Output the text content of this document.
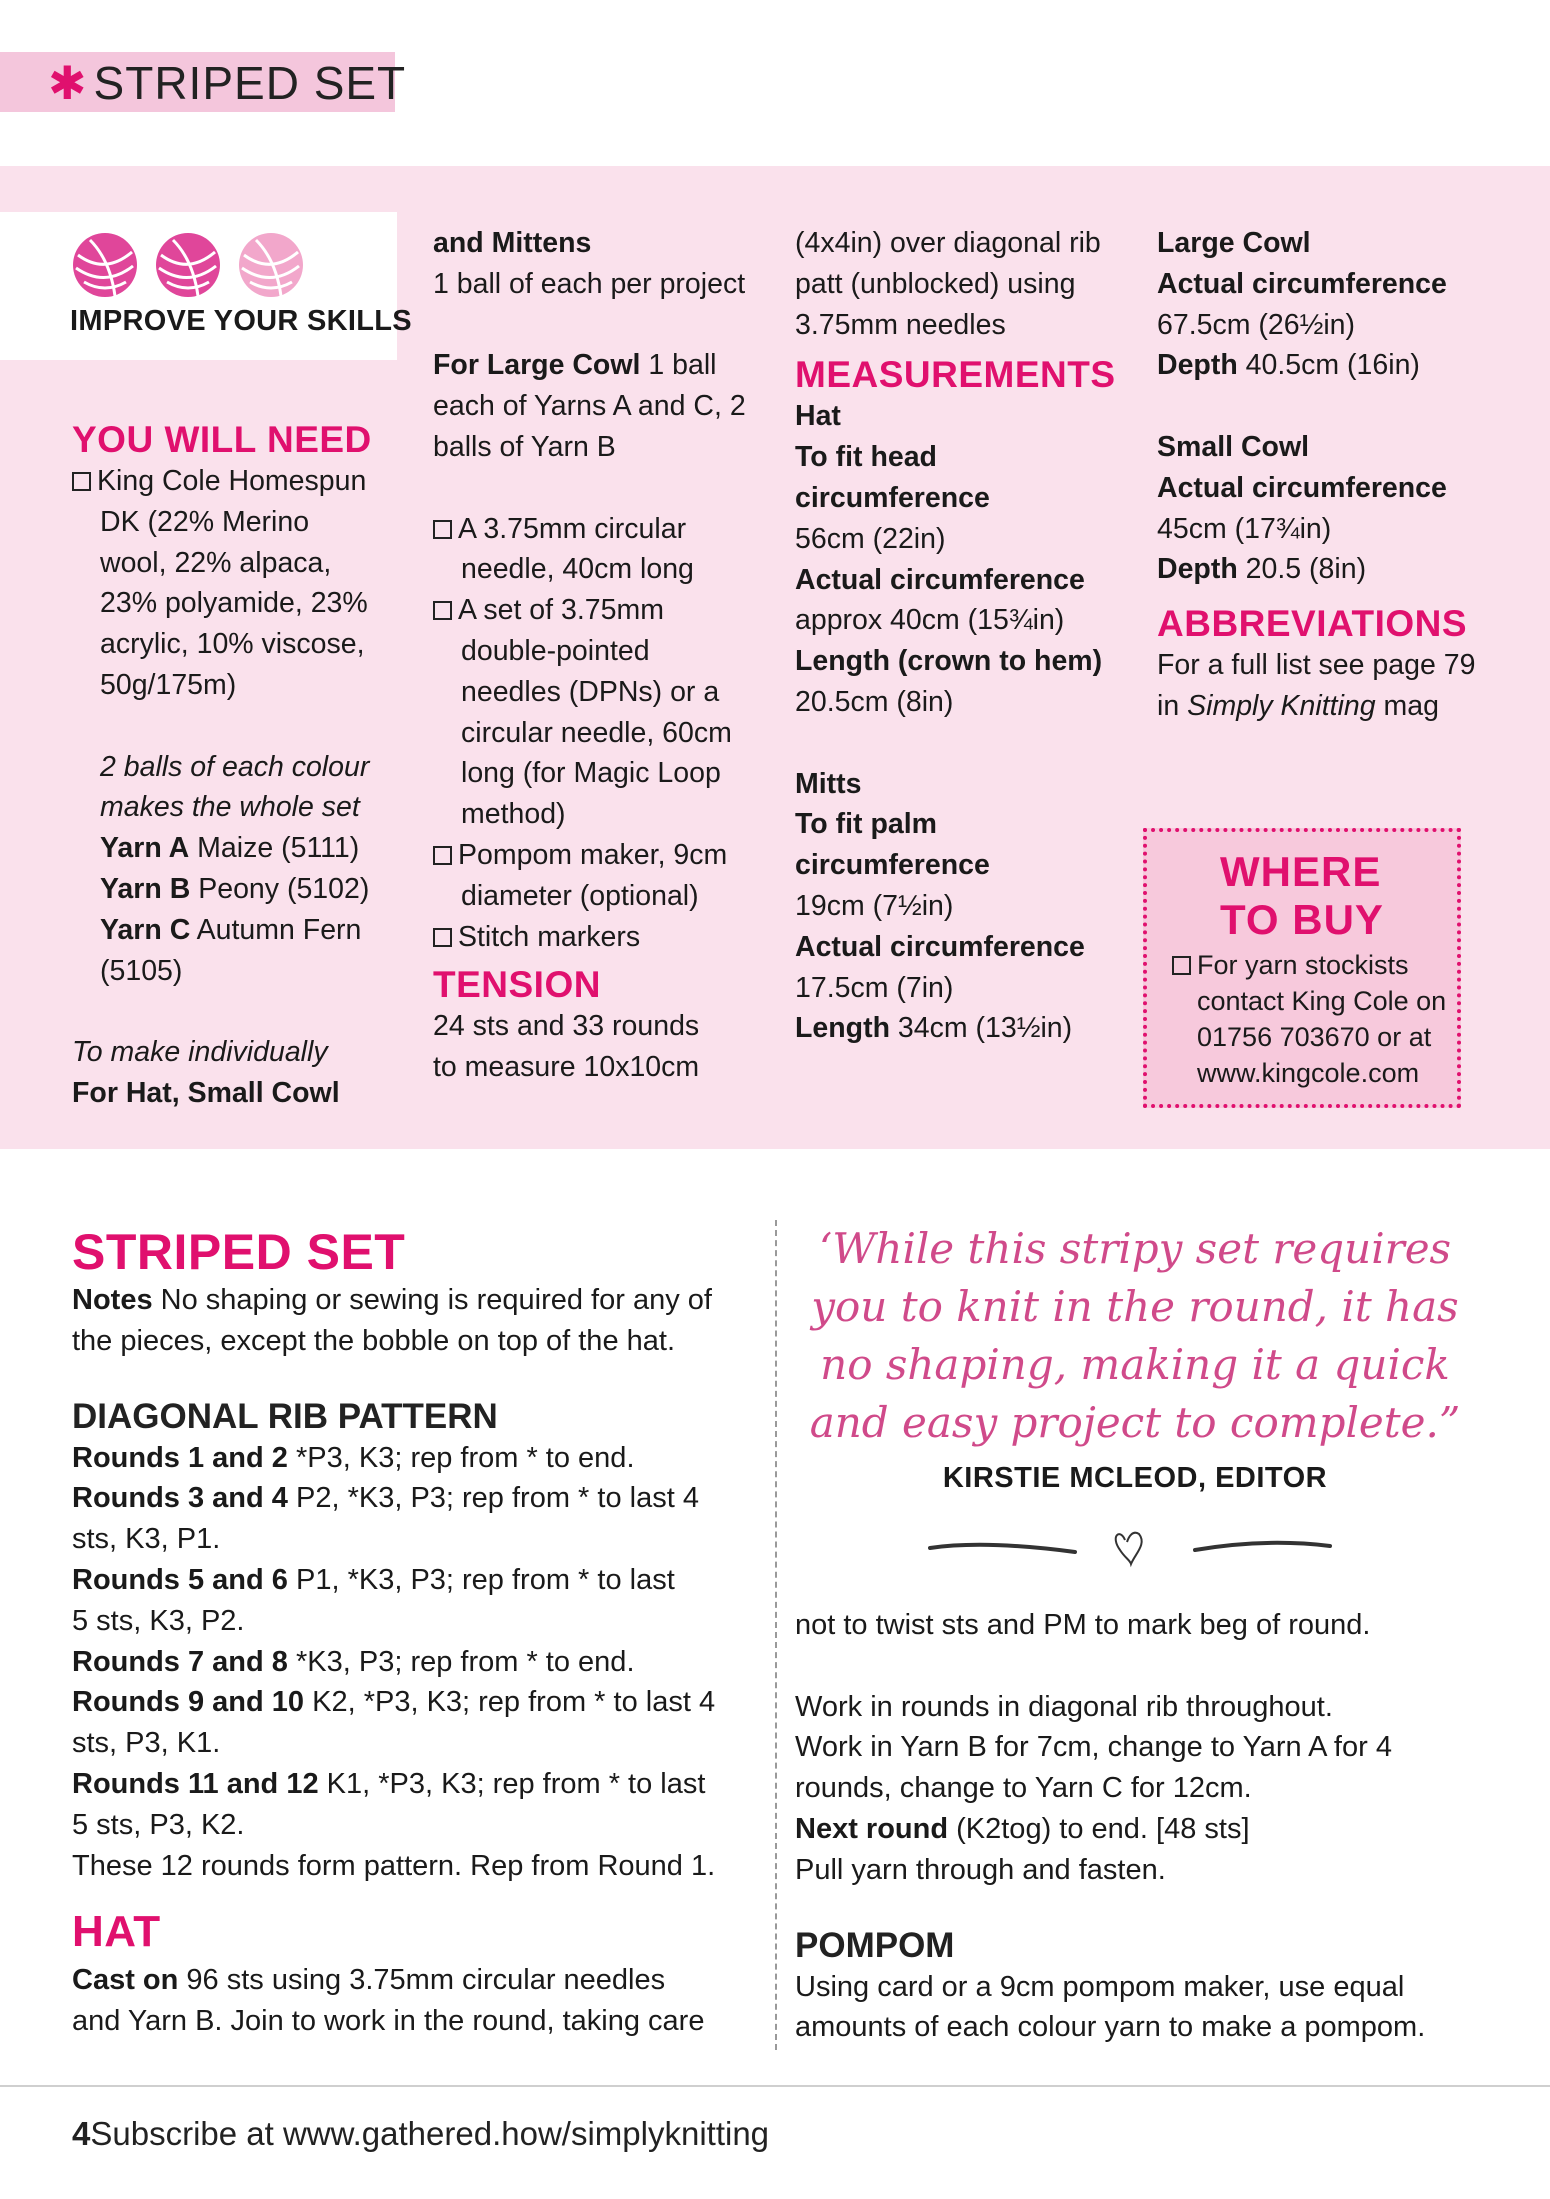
✱ STRIPED SET
IMPROVE YOUR SKILLS

YOU WILL NEED

King Cole Homespun

DK (22% Merino

wool, 22% alpaca,

23% polyamide, 23%

acrylic, 10% viscose,

50g/175m)

2 balls of each colour

makes the whole set

Yarn A Maize (5111)

Yarn B Peony (5102)

Yarn C Autumn Fern

(5105)

To make individually

For Hat, Small Cowl

and Mittens

1 ball of each per project

For Large Cowl 1 ball

each of Yarns A and C, 2

balls of Yarn B

A 3.75mm circular

needle, 40cm long

A set of 3.75mm

double-pointed

needles (DPNs) or a

circular needle, 60cm

long (for Magic Loop

method)

Pompom maker, 9cm

diameter (optional)

Stitch markers

TENSION

24 sts and 33 rounds

to measure 10x10cm

(4x4in) over diagonal rib

patt (unblocked) using

3.75mm needles

MEASUREMENTS

Hat

To fit head

circumference

56cm (22in)

Actual circumference

approx 40cm (15¾in)

Length (crown to hem)

20.5cm (8in)

Mitts

To fit palm

circumference

19cm (7½in)

Actual circumference

17.5cm (7in)

Length 34cm (13½in)

Large Cowl

Actual circumference

67.5cm (26½in)

Depth 40.5cm (16in)

Small Cowl

Actual circumference

45cm (17¾in)

Depth 20.5 (8in)

ABBREVIATIONS

For a full list see page 79

in Simply Knitting mag

WHERE
TO BUY
For yarn stockists
contact King Cole on
01756 703670 or at
www.kingcole.com

STRIPED SET

Notes No shaping or sewing is required for any of

the pieces, except the bobble on top of the hat.

DIAGONAL RIB PATTERN

Rounds 1 and 2 *P3, K3; rep from * to end.

Rounds 3 and 4 P2, *K3, P3; rep from * to last 4

sts, K3, P1.

Rounds 5 and 6 P1, *K3, P3; rep from * to last

5 sts, K3, P2.

Rounds 7 and 8 *K3, P3; rep from * to end.

Rounds 9 and 10 K2, *P3, K3; rep from * to last 4

sts, P3, K1.

Rounds 11 and 12 K1, *P3, K3; rep from * to last

5 sts, P3, K2.

These 12 rounds form pattern. Rep from Round 1.

HAT

Cast on 96 sts using 3.75mm circular needles

and Yarn B. Join to work in the round, taking care

‘While this stripy set requires
you to knit in the round, it has
no shaping, making it a quick
and easy project to complete.”
KIRSTIE MCLEOD, EDITOR

not to twist sts and PM to mark beg of round.

Work in rounds in diagonal rib throughout.

Work in Yarn B for 7cm, change to Yarn A for 4

rounds, change to Yarn C for 12cm.

Next round (K2tog) to end. [48 sts]

Pull yarn through and fasten.

POMPOM

Using card or a 9cm pompom maker, use equal

amounts of each colour yarn to make a pompom.

4Subscribe at www.gathered.how/simplyknitting
